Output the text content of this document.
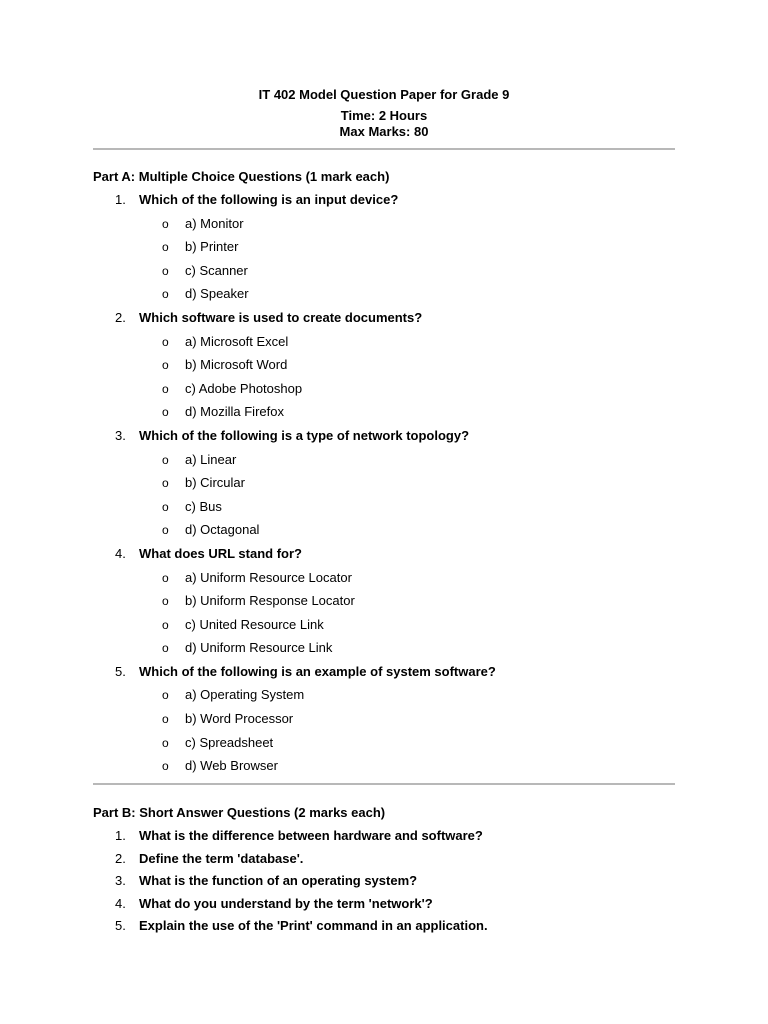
IT 402 Model Question Paper for Grade 9
Time: 2 Hours
Max Marks: 80
Part A: Multiple Choice Questions (1 mark each)
1. Which of the following is an input device?
o a) Monitor
o b) Printer
o c) Scanner
o d) Speaker
2. Which software is used to create documents?
o a) Microsoft Excel
o b) Microsoft Word
o c) Adobe Photoshop
o d) Mozilla Firefox
3. Which of the following is a type of network topology?
o a) Linear
o b) Circular
o c) Bus
o d) Octagonal
4. What does URL stand for?
o a) Uniform Resource Locator
o b) Uniform Response Locator
o c) United Resource Link
o d) Uniform Resource Link
5. Which of the following is an example of system software?
o a) Operating System
o b) Word Processor
o c) Spreadsheet
o d) Web Browser
Part B: Short Answer Questions (2 marks each)
1. What is the difference between hardware and software?
2. Define the term 'database'.
3. What is the function of an operating system?
4. What do you understand by the term 'network'?
5. Explain the use of the 'Print' command in an application.
